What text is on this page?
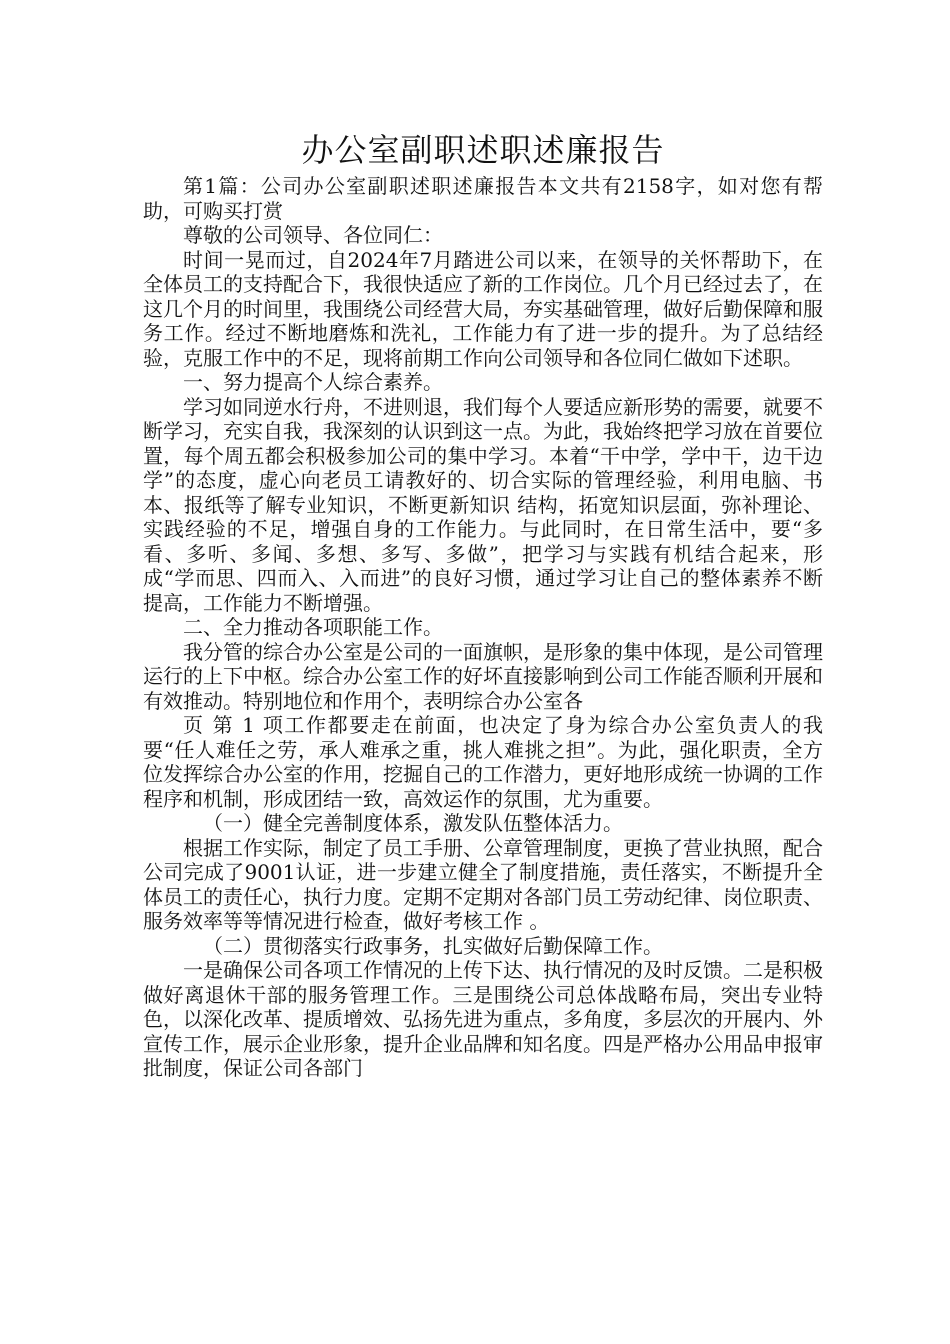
办公室副职述职述廉报告

第1篇：公司办公室副职述职述廉报告本文共有2158字，如对您有帮助，可购买打赏

尊敬的公司领导、各位同仁：

时间一晃而过，自2024年7月踏进公司以来，在领导的关怀帮助下，在全体员工的支持配合下，我很快适应了新的工作岗位。几个月已经过去了，在这几个月的时间里，我围绕公司经营大局，夯实基础管理，做好后勤保障和服务工作。经过不断地磨炼和洗礼，工作能力有了进一步的提升。为了总结经验，克服工作中的不足，现将前期工作向公司领导和各位同仁做如下述职。

一、努力提高个人综合素养。

学习如同逆水行舟，不进则退，我们每个人要适应新形势的需要，就要不断学习，充实自我，我深刻的认识到这一点。为此，我始终把学习放在首要位置，每个周五都会积极参加公司的集中学习。本着“干中学，学中干，边干边学”的态度，虚心向老员工请教好的、切合实际的管理经验，利用电脑、书本、报纸等了解专业知识，不断更新知识 结构，拓宽知识层面，弥补理论、实践经验的不足，增强自身的工作能力。与此同时，在日常生活中，要“多看、多听、多闻、多想、多写、多做”，把学习与实践有机结合起来，形成“学而思、四而入、入而进”的良好习惯，通过学习让自己的整体素养不断提高，工作能力不断增强。

二、全力推动各项职能工作。

我分管的综合办公室是公司的一面旗帜，是形象的集中体现，是公司管理运行的上下中枢。综合办公室工作的好坏直接影响到公司工作能否顺利开展和有效推动。特别地位和作用个，表明综合办公室各

页 第 1 项工作都要走在前面，也决定了身为综合办公室负责人的我要“任人难任之劳，承人难承之重，挑人难挑之担”。为此，强化职责，全方位发挥综合办公室的作用，挖掘自己的工作潜力，更好地形成统一协调的工作程序和机制，形成团结一致，高效运作的氛围，尤为重要。

（一）健全完善制度体系，激发队伍整体活力。

根据工作实际，制定了员工手册、公章管理制度，更换了营业执照，配合公司完成了9001认证，进一步建立健全了制度措施，责任落实，不断提升全体员工的责任心，执行力度。定期不定期对各部门员工劳动纪律、岗位职责、服务效率等等情况进行检查，做好考核工作 。

（二）贯彻落实行政事务，扎实做好后勤保障工作。

一是确保公司各项工作情况的上传下达、执行情况的及时反馈。二是积极做好离退休干部的服务管理工作。三是围绕公司总体战略布局，突出专业特色，以深化改革、提质增效、弘扬先进为重点，多角度，多层次的开展内、外宣传工作，展示企业形象，提升企业品牌和知名度。四是严格办公用品申报审批制度，保证公司各部门
